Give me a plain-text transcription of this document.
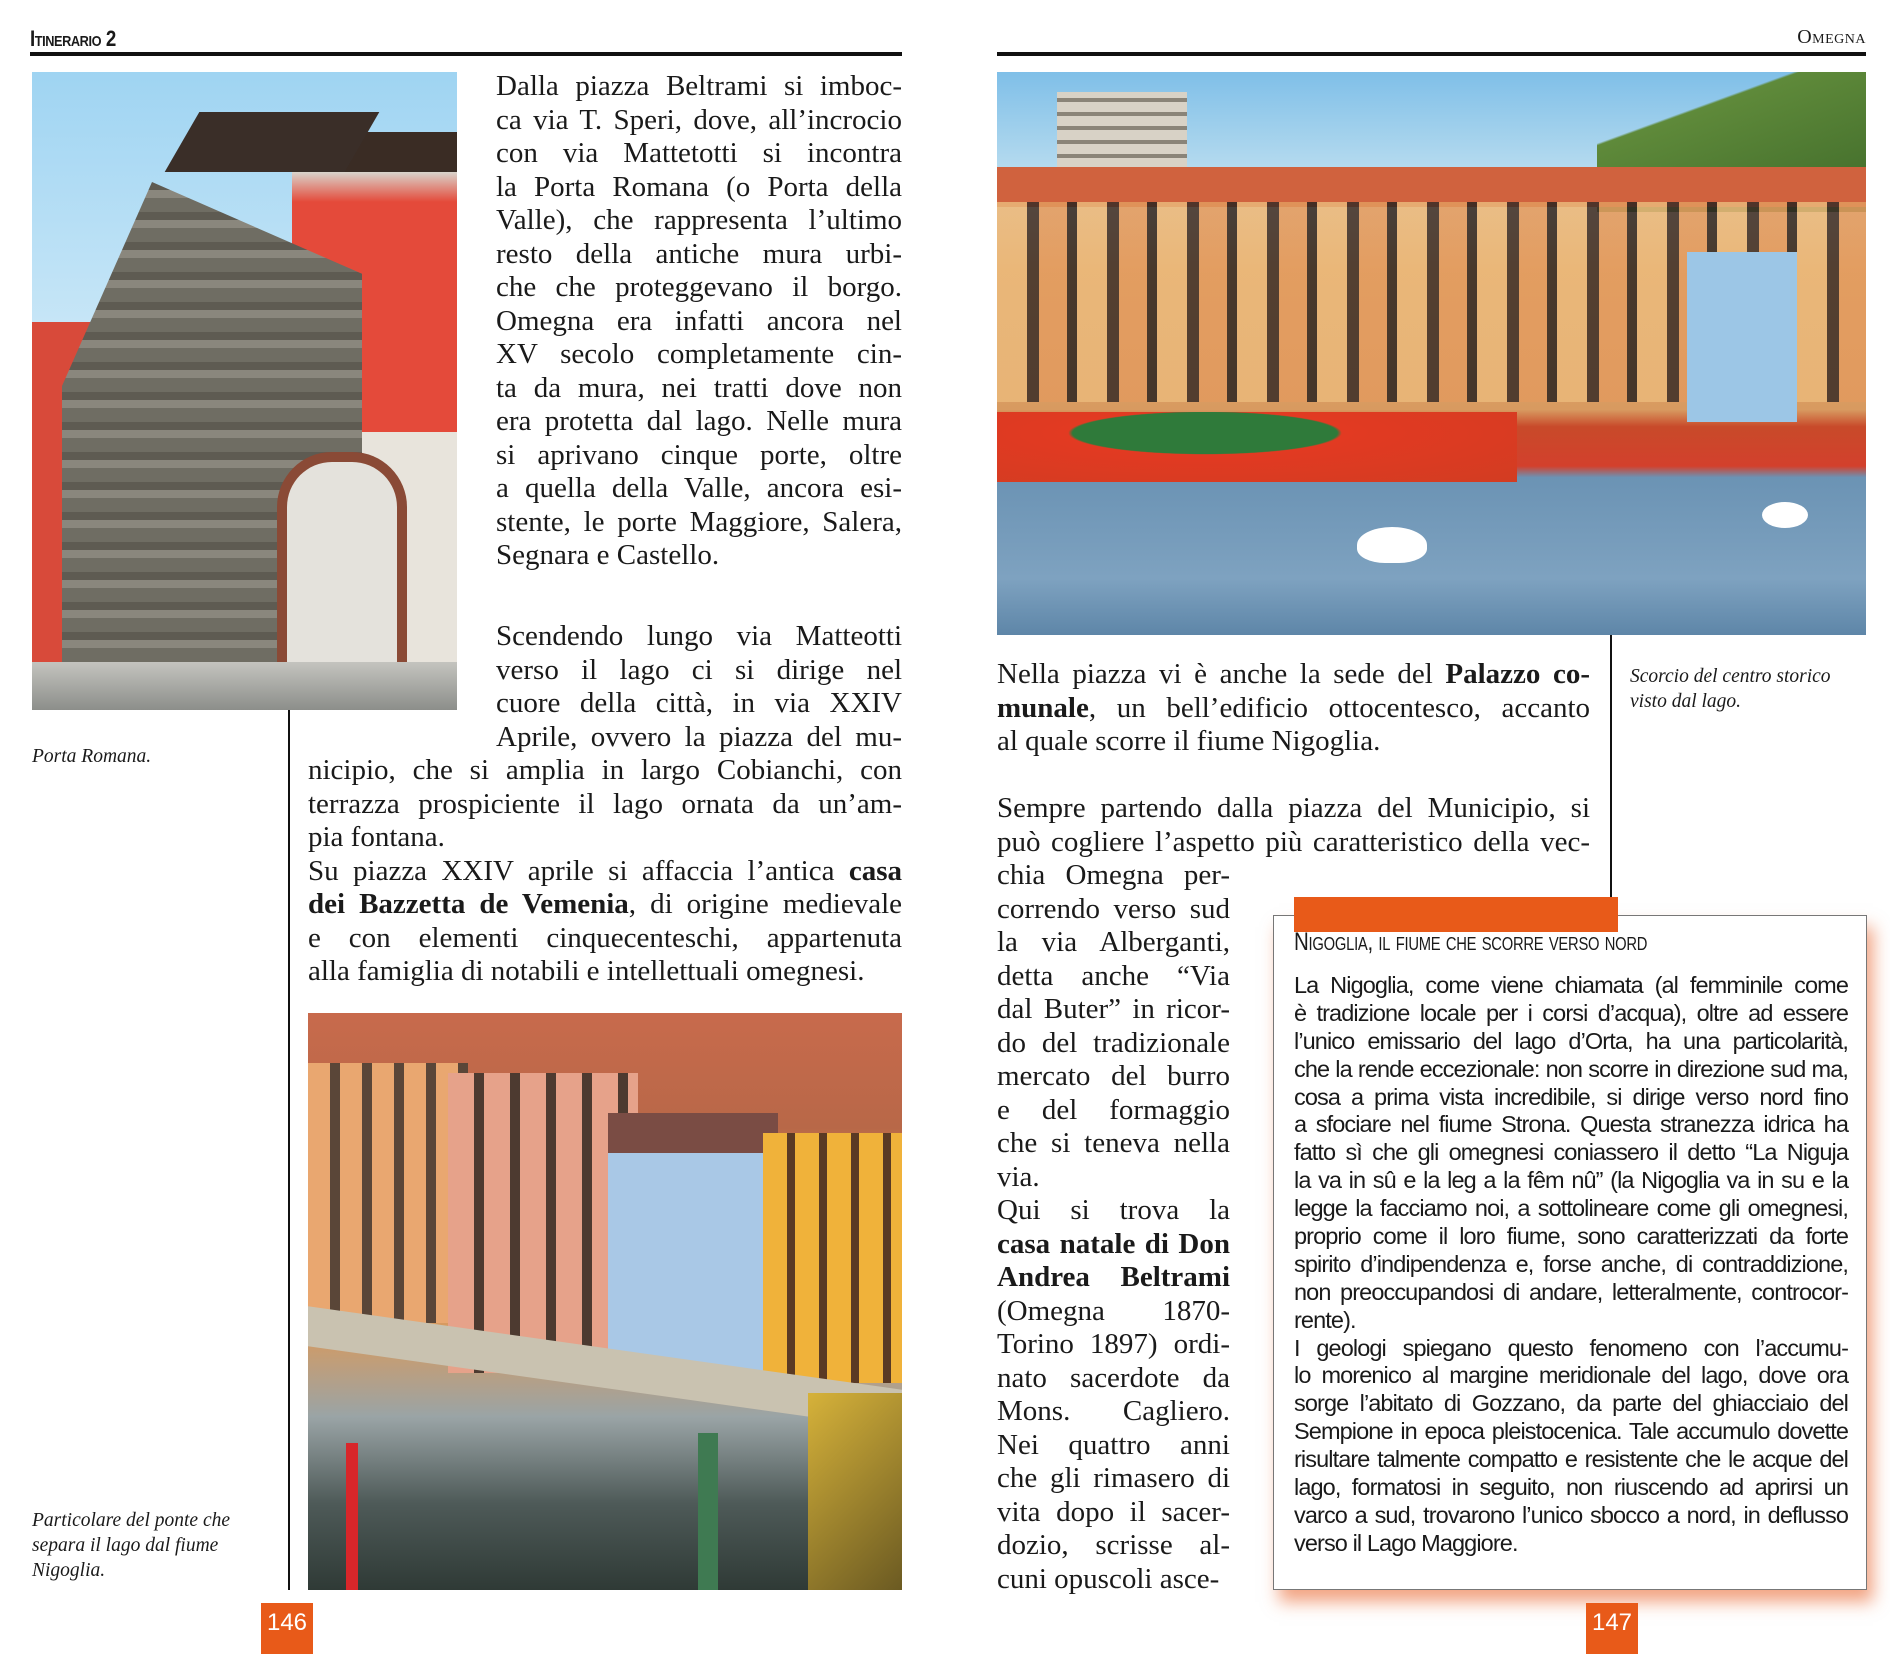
Itinerario 2	Omegna
Porta Romana.
Dalla piazza Beltrami si imboc-
ca via T. Speri, dove, all’incrocio
con via Mattetotti si incontra
la Porta Romana (o Porta della
Valle), che rappresenta l’ultimo
resto della antiche mura urbi-
che che proteggevano il borgo.
Omegna era infatti ancora nel
XV secolo completamente cin-
ta da mura, nei tratti dove non
era protetta dal lago. Nelle mura
si aprivano cinque porte, oltre
a quella della Valle, ancora esi-
stente, le porte Maggiore, Salera,
Segnara e Castello.
Scendendo lungo via Matteotti
verso il lago ci si dirige nel
cuore della città, in via XXIV
Aprile, ovvero la piazza del mu-
nicipio, che si amplia in largo Cobianchi, con
terrazza prospiciente il lago ornata da un’am-
pia fontana.
Su piazza XXIV aprile si affaccia l’antica casa
dei Bazzetta de Vemenia, di origine medievale
e con elementi cinquecenteschi, appartenuta
alla famiglia di notabili e intellettuali omegnesi.
Particolare del ponte che
separa il lago dal fiume
Nigoglia.
146
Scorcio del centro storico
visto dal lago.
Nella piazza vi è anche la sede del Palazzo co-
munale, un bell’edificio ottocentesco, accanto
al quale scorre il fiume Nigoglia.
Sempre partendo dalla piazza del Municipio, si
può cogliere l’aspetto più caratteristico della vec-
chia Omegna per-
correndo verso sud
la via Alberganti,
detta anche “Via
dal Buter” in ricor-
do del tradizionale
mercato del burro
e del formaggio
che si teneva nella
via.
Qui si trova la
casa natale di Don
Andrea Beltrami
(Omegna 1870-
Torino 1897) ordi-
nato sacerdote da
Mons. Cagliero.
Nei quattro anni
che gli rimasero di
vita dopo il sacer-
dozio, scrisse al-
cuni opuscoli asce-
Nigoglia, il fiume che scorre verso nord
La Nigoglia, come viene chiamata (al femminile come
è tradizione locale per i corsi d’acqua), oltre ad essere
l’unico emissario del lago d’Orta, ha una particolarità,
che la rende eccezionale: non scorre in direzione sud ma,
cosa a prima vista incredibile, si dirige verso nord fino
a sfociare nel fiume Strona. Questa stranezza idrica ha
fatto sì che gli omegnesi coniassero il detto “La Niguja
la va in sû e la leg a la fêm nû” (la Nigoglia va in su e la
legge la facciamo noi, a sottolineare come gli omegnesi,
proprio come il loro fiume, sono caratterizzati da forte
spirito d’indipendenza e, forse anche, di contraddizione,
non preoccupandosi di andare, letteralmente, controcor-
rente).
I geologi spiegano questo fenomeno con l’accumu-
lo morenico al margine meridionale del lago, dove ora
sorge l’abitato di Gozzano, da parte del ghiacciaio del
Sempione in epoca pleistocenica. Tale accumulo dovette
risultare talmente compatto e resistente che le acque del
lago, formatosi in seguito, non riuscendo ad aprirsi un
varco a sud, trovarono l’unico sbocco a nord, in deflusso
verso il Lago Maggiore.
147
